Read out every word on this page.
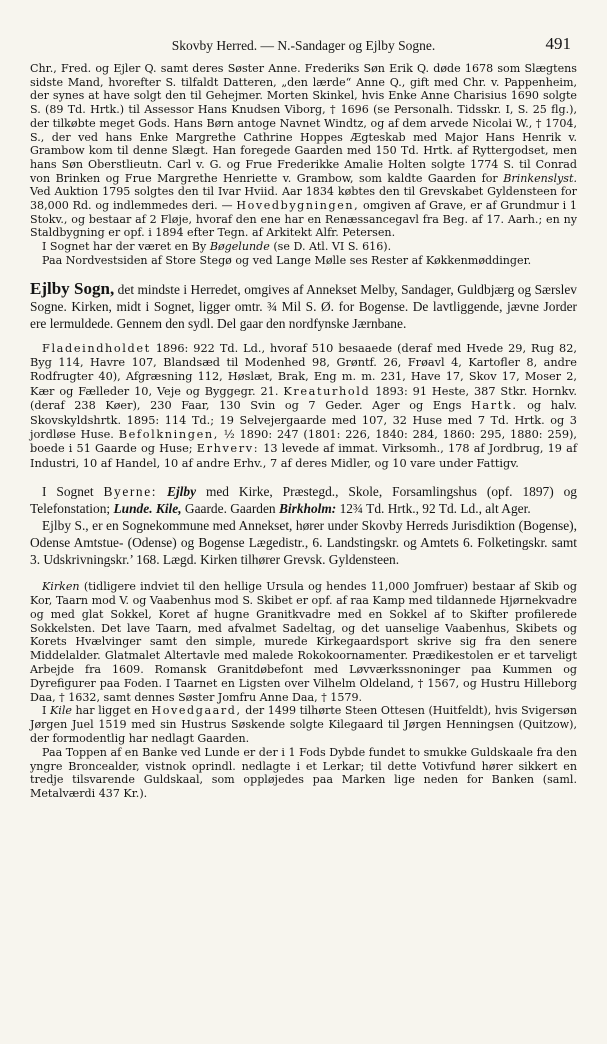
Skovby Herred. — N.-Sandager og Ejlby Sogne.	491

Chr., Fred. og Ejler Q. samt deres Søster Anne. Frederiks Søn Erik Q. døde 1678 som Slægtens sidste Mand, hvorefter S. tilfaldt Datteren, „den lærde“ Anne Q., gift med Chr. v. Pappenheim, der synes at have solgt den til Gehejmer. Morten Skinkel, hvis Enke Anne Charisius 1690 solgte S. (89 Td. Hrtk.) til Assessor Hans Knudsen Viborg, † 1696 (se Personalh. Tidsskr. I, S. 25 flg.), der tilkøbte meget Gods. Hans Børn antoge Navnet Windtz, og af dem arvede Nicolai W., † 1704, S., der ved hans Enke Margrethe Cathrine Hoppes Ægteskab med Major Hans Henrik v. Grambow kom til denne Slægt. Han foregede Gaarden med 150 Td. Hrtk. af Ryttergodset, men hans Søn Oberstlieutn. Carl v. G. og Frue Frederikke Amalie Holten solgte 1774 S. til Conrad von Brinken og Frue Margrethe Henriette v. Grambow, som kaldte Gaarden for Brinkenslyst. Ved Auktion 1795 solgtes den til Ivar Hviid. Aar 1834 købtes den til Grevskabet Gyldensteen for 38,000 Rd. og indlemmedes deri. — Hovedbygningen, omgiven af Grave, er af Grundmur i 1 Stokv., og bestaar af 2 Fløje, hvoraf den ene har en Renæssancegavl fra Beg. af 17. Aarh.; en ny Staldbygning er opf. i 1894 efter Tegn. af Arkitekt Alfr. Petersen.

I Sognet har der været en By Bøgelunde (se D. Atl. VI S. 616).

Paa Nordvestsiden af Store Stegø og ved Lange Mølle ses Rester af Køkkenmøddinger.

Ejlby Sogn, det mindste i Herredet, omgives af Annekset Melby, Sandager, Guldbjærg og Særslev Sogne. Kirken, midt i Sognet, ligger omtr. ¾ Mil S. Ø. for Bogense. De lavtliggende, jævne Jorder ere lermuldede. Gennem den sydl. Del gaar den nordfynske Jærnbane.

Fladeindholdet 1896: 922 Td. Ld., hvoraf 510 besaaede (deraf med Hvede 29, Rug 82, Byg 114, Havre 107, Blandsæd til Modenhed 98, Grøntf. 26, Frøavl 4, Kartofler 8, andre Rodfrugter 40), Afgræsning 112, Høslæt, Brak, Eng m. m. 231, Have 17, Skov 17, Moser 2, Kær og Fælleder 10, Veje og Byggegr. 21. Kreaturhold 1893: 91 Heste, 387 Stkr. Hornkv. (deraf 238 Køer), 230 Faar, 130 Svin og 7 Geder. Ager og Engs Hartk. og halv. Skovskyldshrtk. 1895: 114 Td.; 19 Selvejergaarde med 107, 32 Huse med 7 Td. Hrtk. og 3 jordløse Huse. Befolkningen, ½ 1890: 247 (1801: 226, 1840: 284, 1860: 295, 1880: 259), boede i 51 Gaarde og Huse; Erhverv: 13 levede af immat. Virksomh., 178 af Jordbrug, 19 af Industri, 10 af Handel, 10 af andre Erhv., 7 af deres Midler, og 10 vare under Fattigv.

I Sognet Byerne: Ejlby med Kirke, Præstegd., Skole, Forsamlingshus (opf. 1897) og Telefonstation; Lunde. Kile, Gaarde. Gaarden Birkholm: 12¾ Td. Hrtk., 92 Td. Ld., alt Ager.

Ejlby S., er en Sognekommune med Annekset, hører under Skovby Herreds Jurisdiktion (Bogense), Odense Amtstue- (Odense) og Bogense Lægedistr., 6. Landstingskr. og Amtets 6. Folketingskr. samt 3. Udskrivningskr.’ 168. Lægd. Kirken tilhører Grevsk. Gyldensteen.

Kirken (tidligere indviet til den hellige Ursula og hendes 11,000 Jomfruer) bestaar af Skib og Kor, Taarn mod V. og Vaabenhus mod S. Skibet er opf. af raa Kamp med tildannede Hjørnekvadre og med glat Sokkel, Koret af hugne Granitkvadre med en Sokkel af to Skifter profilerede Sokkelsten. Det lave Taarn, med afvalmet Sadeltag, og det uanselige Vaabenhus, Skibets og Korets Hvælvinger samt den simple, murede Kirkegaardsport skrive sig fra den senere Middelalder. Glatmalet Altertavle med malede Rokokoornamenter. Prædikestolen er et tarveligt Arbejde fra 1609. Romansk Granitdøbefont med Løvværkssnoninger paa Kummen og Dyrefigurer paa Foden. I Taarnet en Ligsten over Vilhelm Oldeland, † 1567, og Hustru Hilleborg Daa, † 1632, samt dennes Søster Jomfru Anne Daa, † 1579.

I Kile har ligget en Hovedgaard, der 1499 tilhørte Steen Ottesen (Huitfeldt), hvis Svigersøn Jørgen Juel 1519 med sin Hustrus Søskende solgte Kilegaard til Jørgen Henningsen (Quitzow), der formodentlig har nedlagt Gaarden.

Paa Toppen af en Banke ved Lunde er der i 1 Fods Dybde fundet to smukke Guldskaale fra den yngre Broncealder, vistnok oprindl. nedlagte i et Lerkar; til dette Votivfund hører sikkert en tredje tilsvarende Guldskaal, som oppløjedes paa Marken lige neden for Banken (saml. Metalværdi 437 Kr.).
